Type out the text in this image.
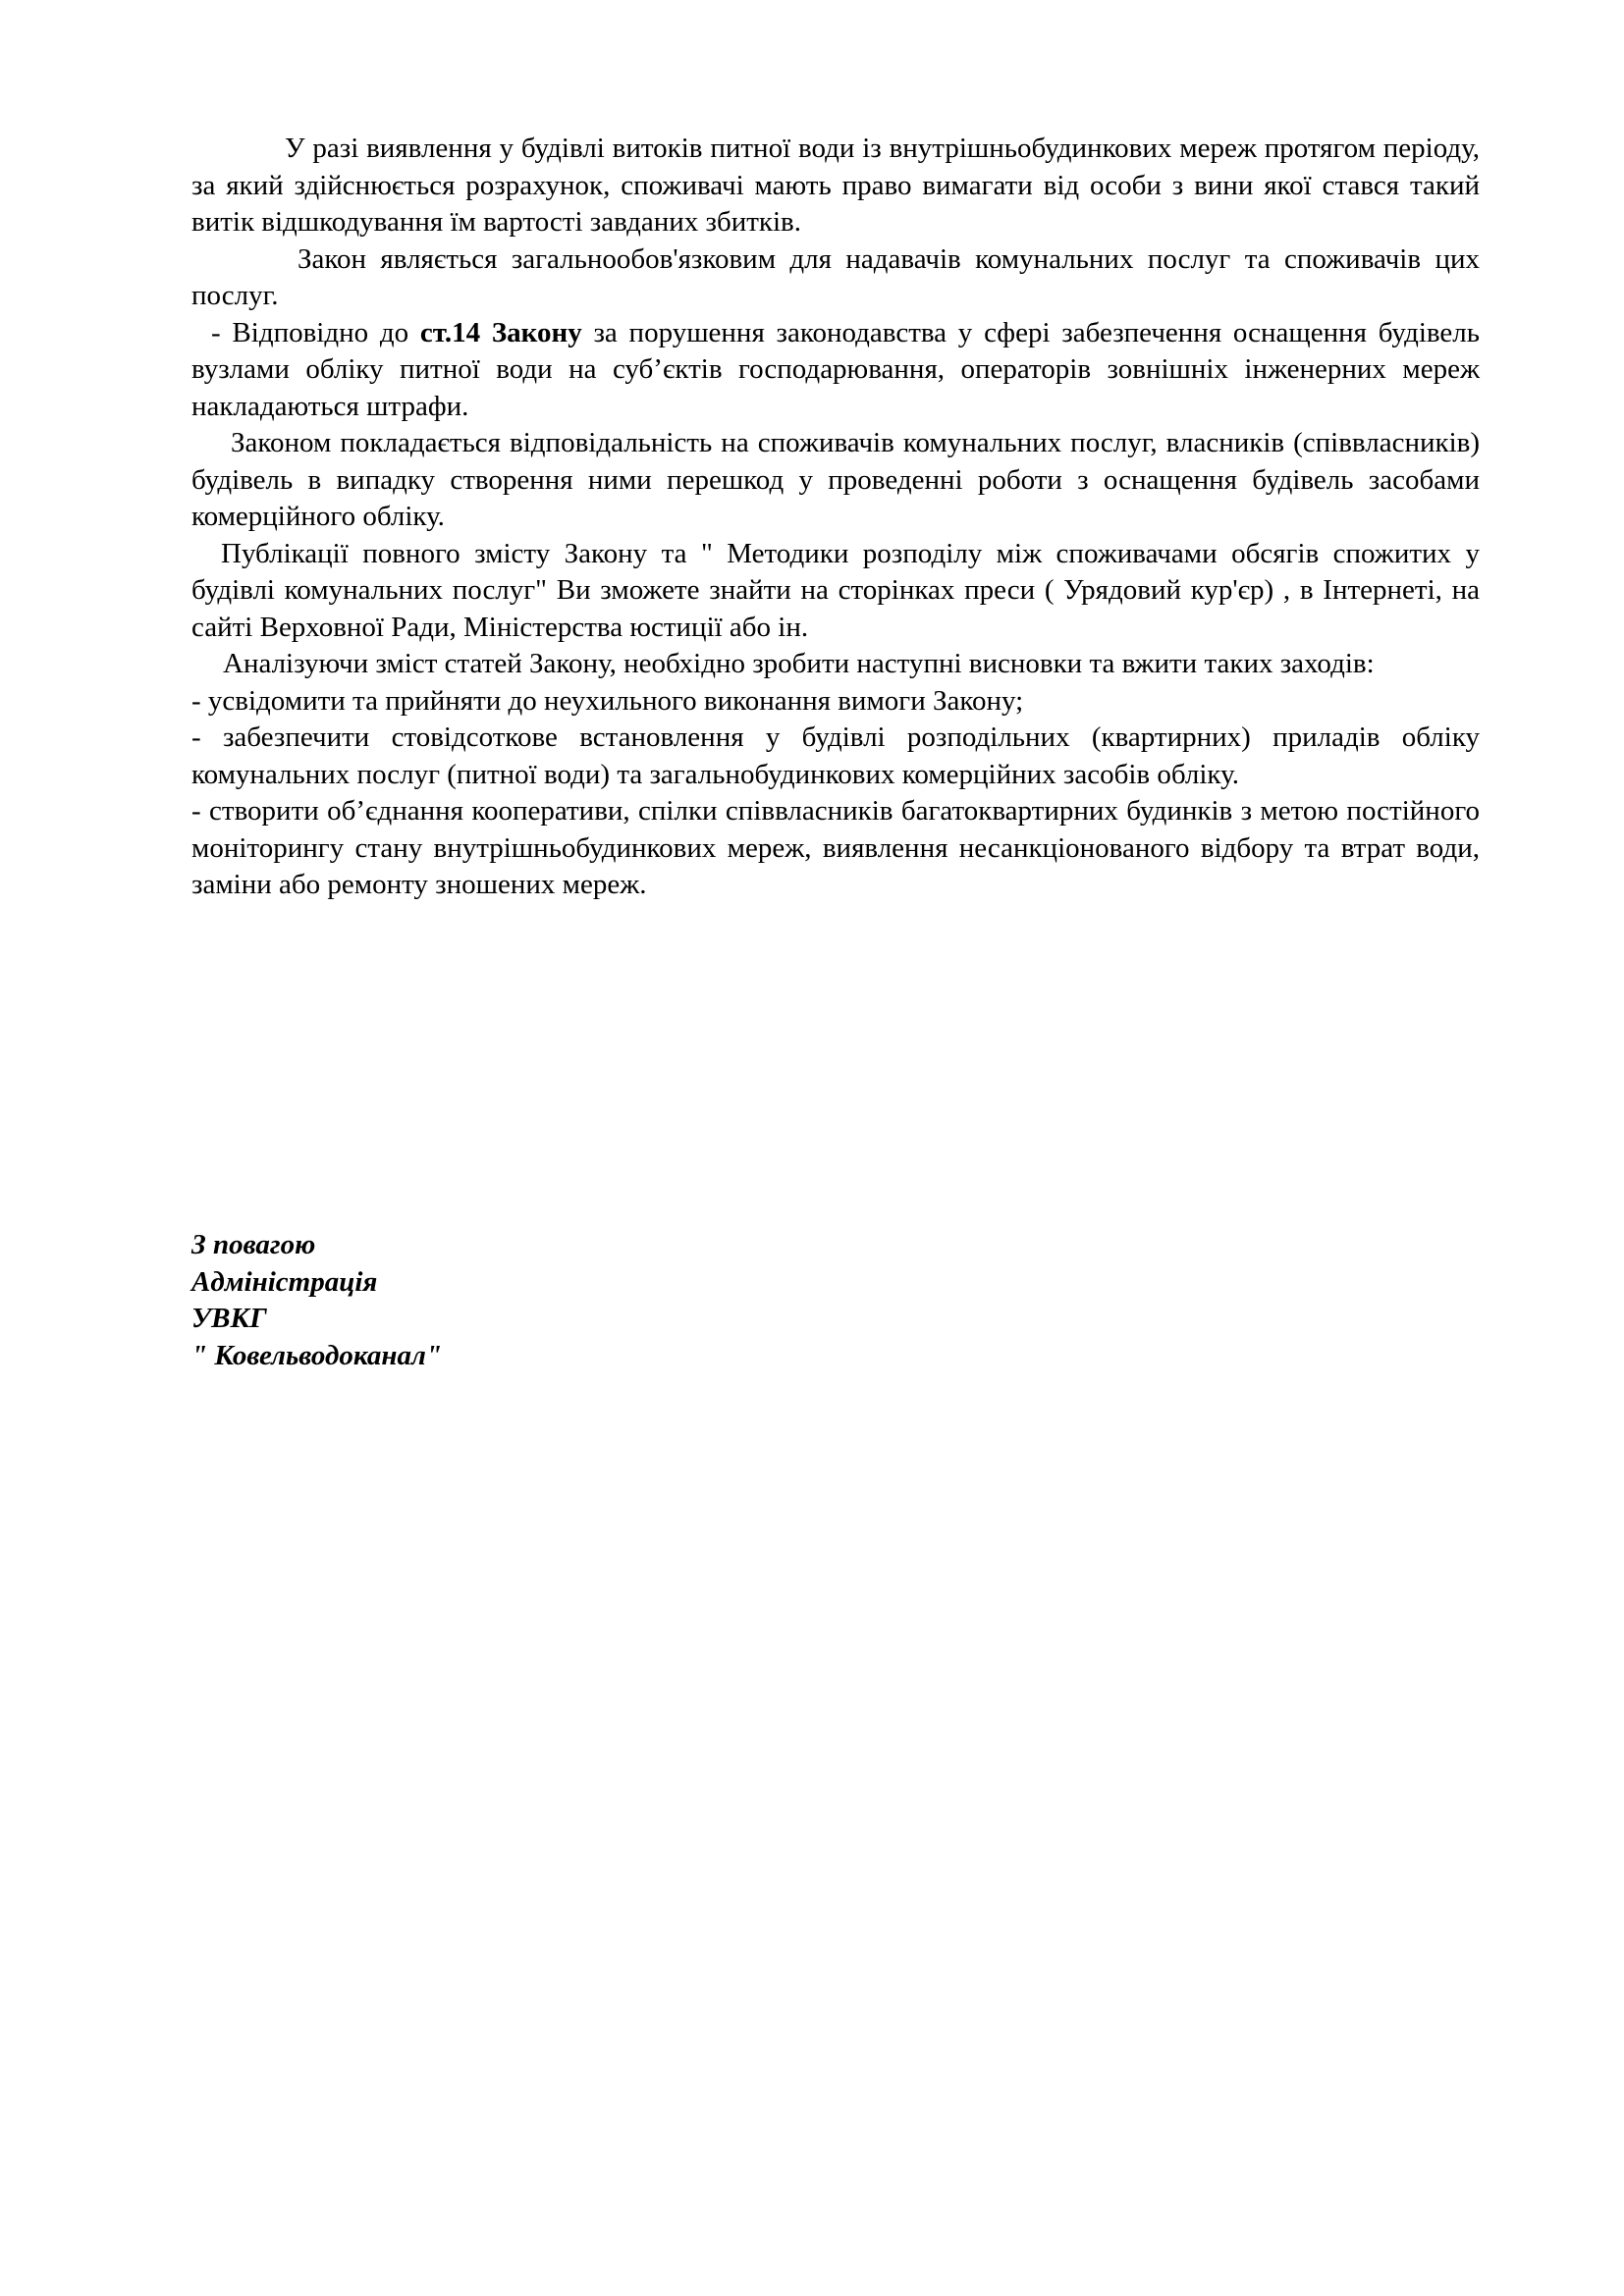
У разі виявлення у будівлі витоків питної води із внутрішньобудинкових мереж протягом періоду, за який здійснюється розрахунок, споживачі мають право вимагати від особи з вини якої стався такий витік відшкодування їм вартості завданих збитків.

Закон являється загальнообов'язковим для надавачів комунальних послуг та споживачів цих послуг.

- Відповідно до ст.14 Закону за порушення законодавства у сфері забезпечення оснащення будівель вузлами обліку питної води на суб’єктів господарювання, операторів зовнішніх інженерних мереж накладаються штрафи.

Законом покладається відповідальність на споживачів комунальних послуг, власників (співвласників) будівель в випадку створення ними перешкод у проведенні роботи з оснащення будівель засобами комерційного обліку.

Публікації повного змісту Закону та " Методики розподілу між споживачами обсягів спожитих у будівлі комунальних послуг" Ви зможете знайти на сторінках преси ( Урядовий кур'єр) , в Інтернеті, на сайті Верховної Ради, Міністерства юстиції або ін.

Аналізуючи зміст статей Закону, необхідно зробити наступні висновки та вжити таких заходів:

- усвідомити та прийняти до неухильного виконання вимоги Закону;

- забезпечити стовідсоткове встановлення у будівлі розподільних (квартирних) приладів обліку комунальних послуг (питної води) та загальнобудинкових комерційних засобів обліку.

- створити об’єднання кооперативи, спілки співвласників багатоквартирних будинків з метою постійного моніторингу стану внутрішньобудинкових мереж, виявлення несанкціонованого відбору та втрат води, заміни або ремонту зношених мереж.

З повагою
Адміністрація
УВКГ
" Ковельводоканал"
